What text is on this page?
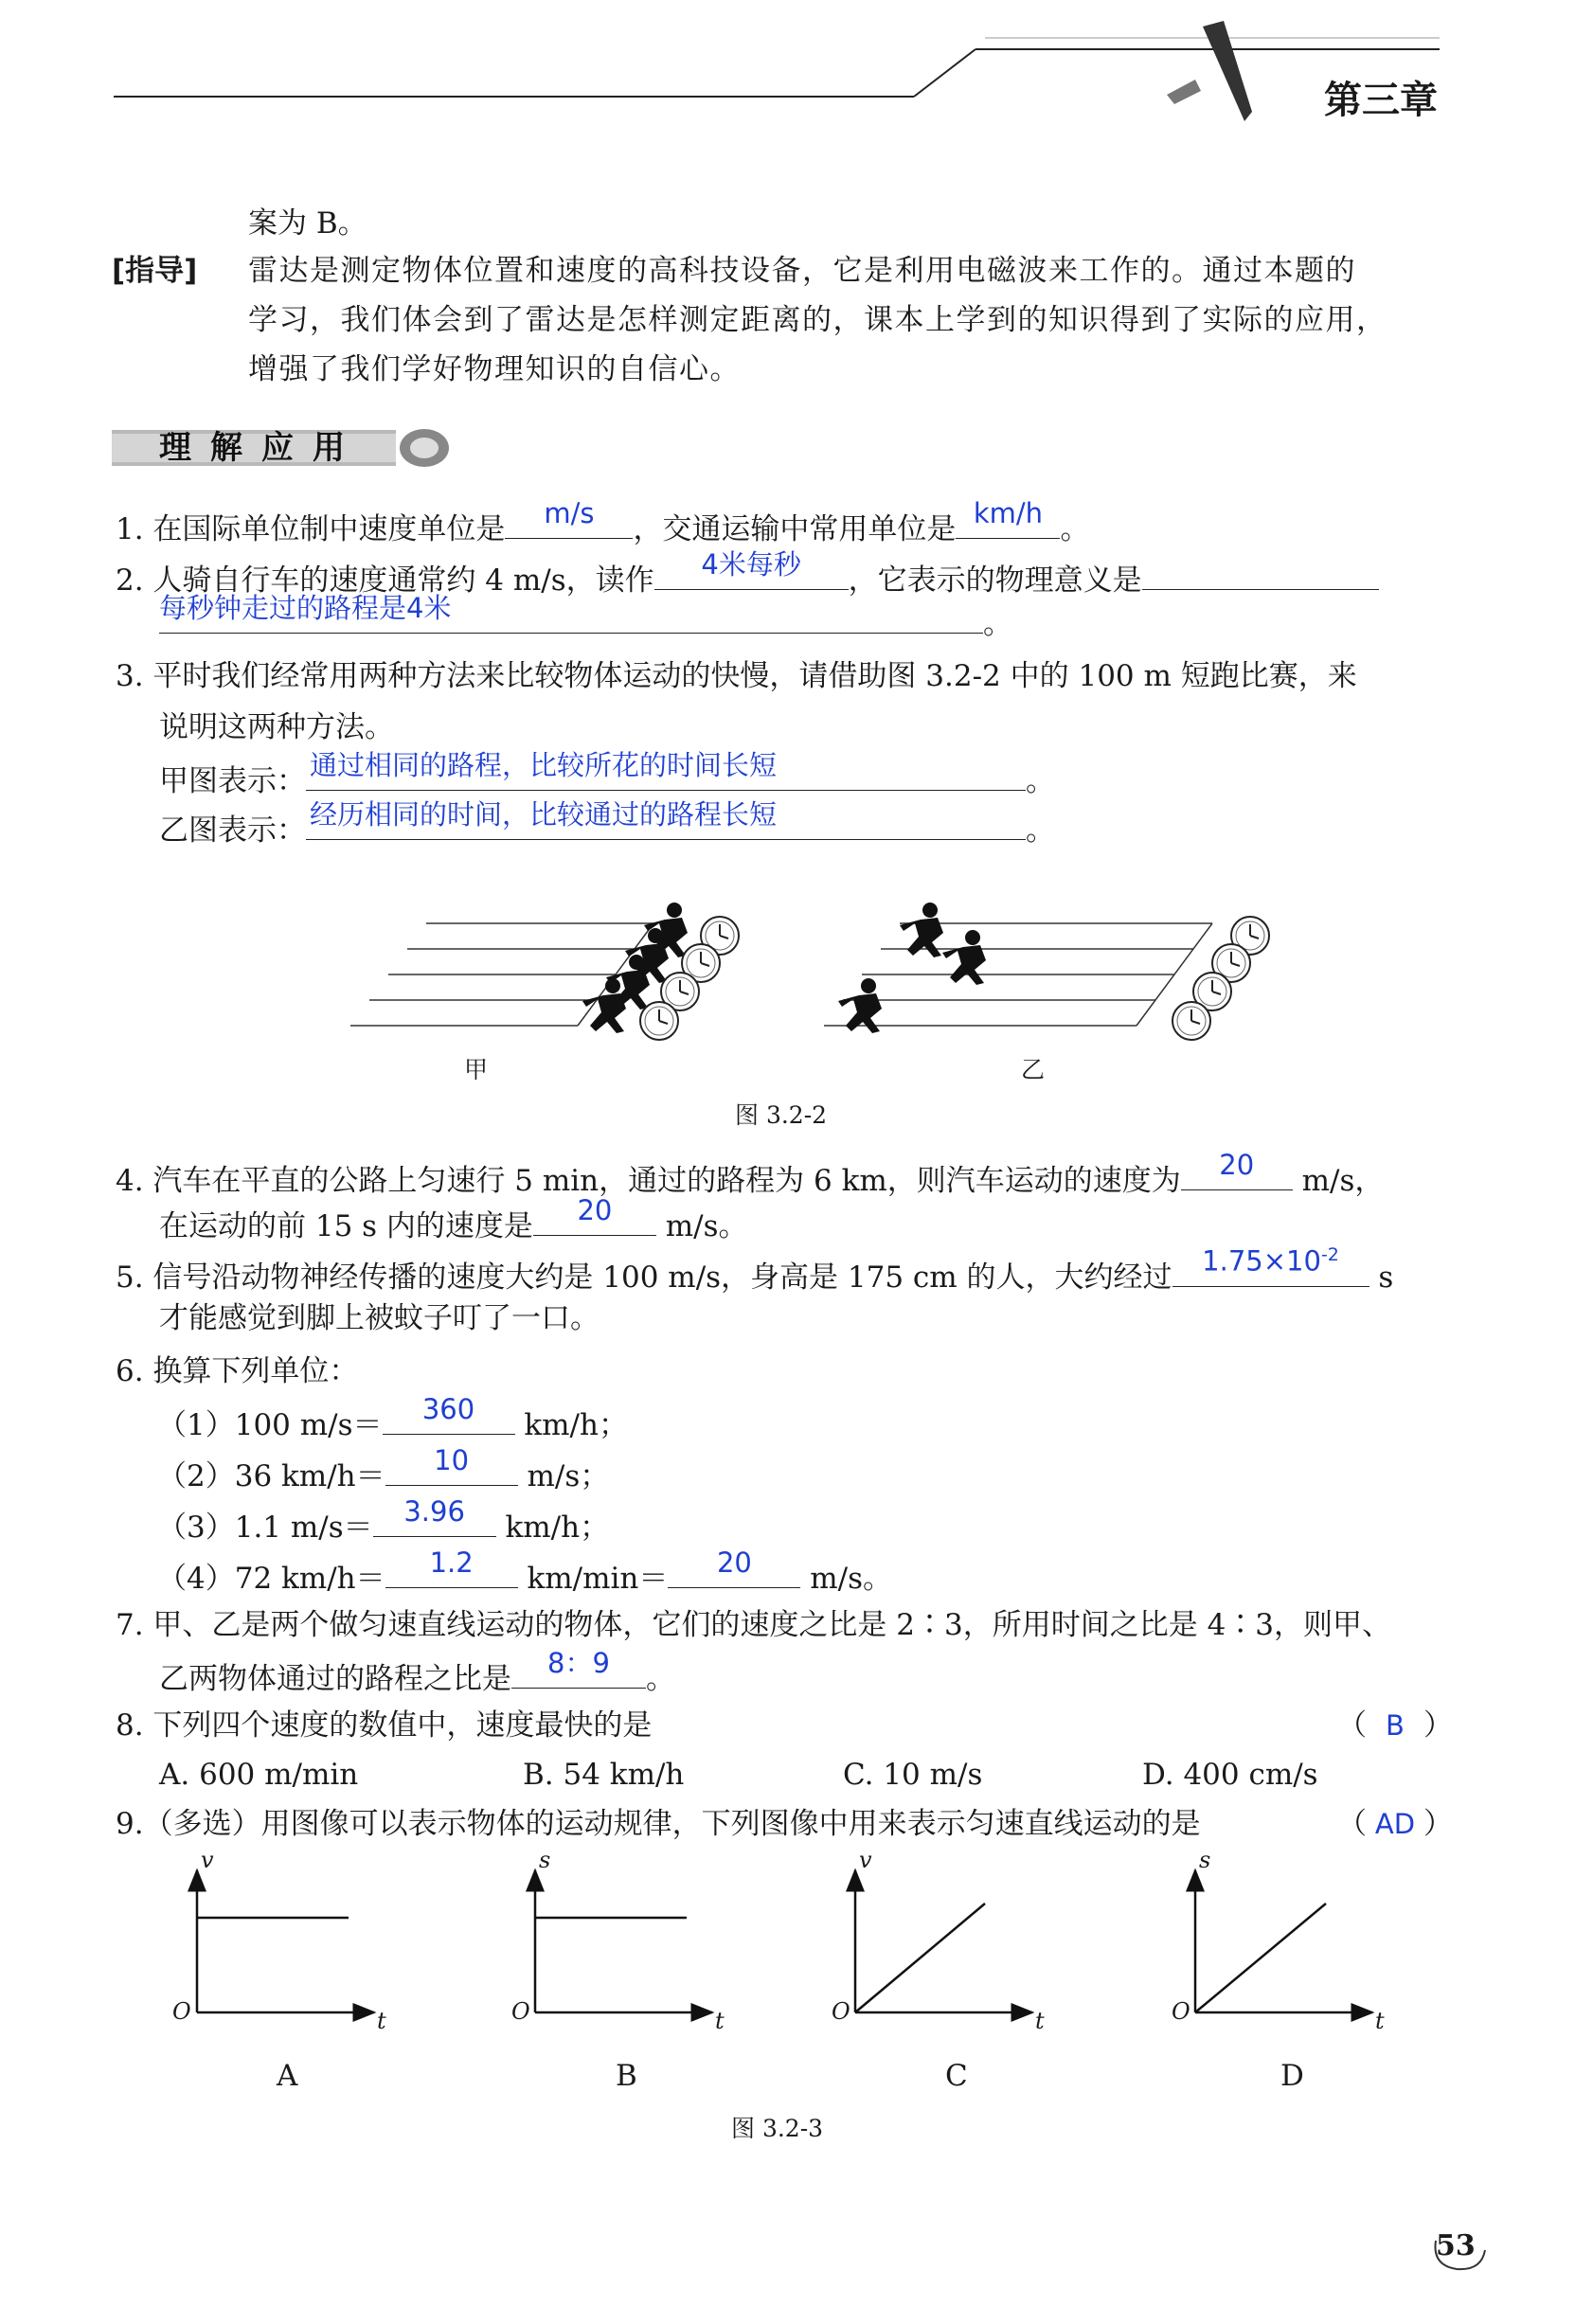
第三章
案为 B。
[指导] 雷达是测定物体位置和速度的高科技设备，它是利用电磁波来工作的。通过本题的
学习，我们体会到了雷达是怎样测定距离的，课本上学到的知识得到了实际的应用，
增强了我们学好物理知识的自信心。
理解应用
1. 在国际单位制中速度单位是	m/s	，交通运输中常用单位是 km/h 。
2. 人骑自行车的速度通常约 4 m/s，读作	4米每秒	，它表示的物理意义是
每秒钟走过的路程是4米	。
3. 平时我们经常用两种方法来比较物体运动的快慢，请借助图 3.2-2 中的 100 m 短跑比赛，来
说明这两种方法。
甲图表示： 通过相同的路程，比较所花的时间长短	。
乙图表示： 经历相同的时间，比较通过的路程长短	。
甲	乙
图 3.2-2
4. 汽车在平直的公路上匀速行 5 min，通过的路程为 6 km，则汽车运动的速度为	20	m/s，
在运动的前 15 s 内的速度是	20	m/s。
5. 信号沿动物神经传播的速度大约是 100 m/s，身高是 175 cm 的人，大约经过	$1.75\times 10^{-2}$
s
才能感觉到脚上被蚊子叮了一口。
6. 换算下列单位：
（1）100 m/s＝	360	km/h；
（2）36 km/h＝	10	m/s；
（3）1.1 m/s＝	3.96	km/h；
（4）72 km/h＝	1.2	km/min＝	20	m/s。
7. 甲、乙是两个做匀速直线运动的物体，它们的速度之比是 2∶3，所用时间之比是 4∶3，则甲、
乙两物体通过的路程之比是	8：9	。
8. 下列四个速度的数值中，速度最快的是	（ B ）
A. 600 m/min	B. 54 km/h	C. 10 m/s	D. 400 cm/s
9.（多选）用图像可以表示物体的运动规律，下列图像中用来表示匀速直线运动的是	（ AD ）
v
t
O
A
s
t
O
B
v
t
O
C
s
t
O
D
图 3.2-3
53
